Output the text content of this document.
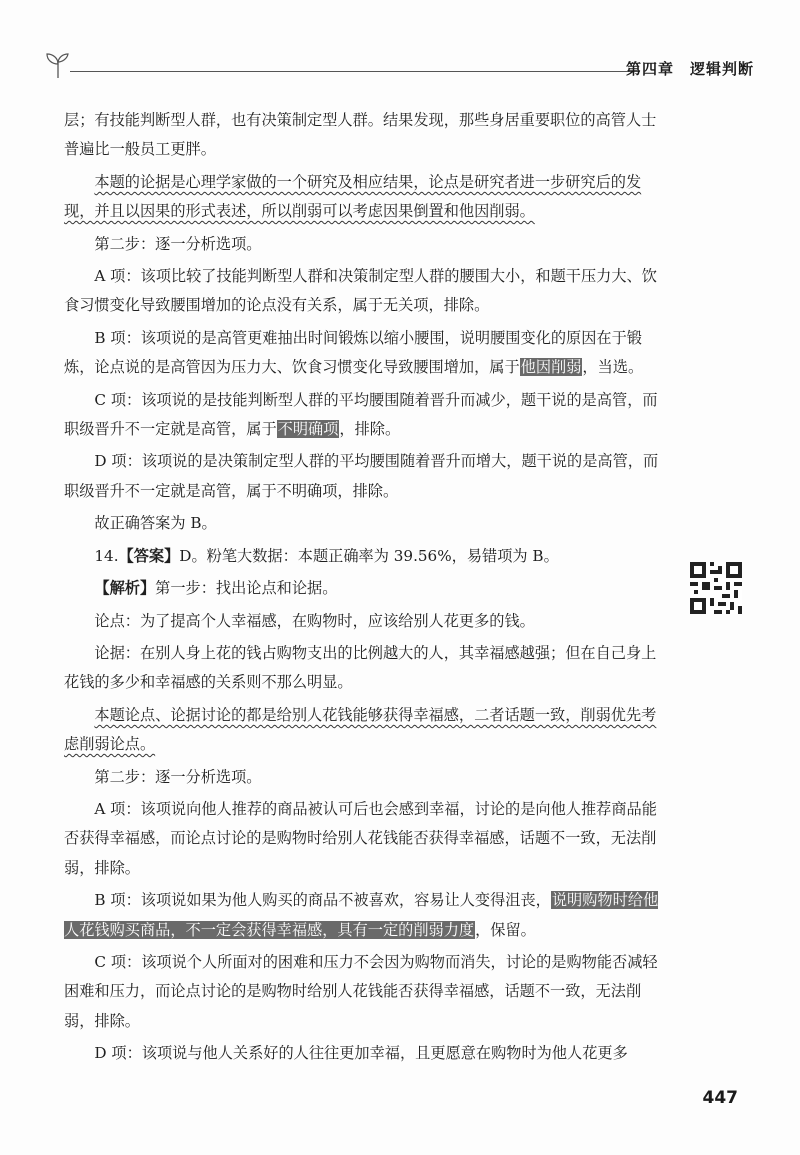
第四章 逻辑判断

层；有技能判断型人群，也有决策制定型人群。结果发现，那些身居重要职位的高管人士普遍比一般员工更胖。

本题的论据是心理学家做的一个研究及相应结果，论点是研究者进一步研究后的发现，并且以因果的形式表述，所以削弱可以考虑因果倒置和他因削弱。

第二步：逐一分析选项。

A 项：该项比较了技能判断型人群和决策制定型人群的腰围大小，和题干压力大、饮食习惯变化导致腰围增加的论点没有关系，属于无关项，排除。

B 项：该项说的是高管更难抽出时间锻炼以缩小腰围，说明腰围变化的原因在于锻炼，论点说的是高管因为压力大、饮食习惯变化导致腰围增加，属于他因削弱，当选。

C 项：该项说的是技能判断型人群的平均腰围随着晋升而减少，题干说的是高管，而职级晋升不一定就是高管，属于不明确项，排除。

D 项：该项说的是决策制定型人群的平均腰围随着晋升而增大，题干说的是高管，而职级晋升不一定就是高管，属于不明确项，排除。

故正确答案为 B。

14.【答案】D。粉笔大数据：本题正确率为 39.56%，易错项为 B。

【解析】第一步：找出论点和论据。

论点：为了提高个人幸福感，在购物时，应该给别人花更多的钱。

论据：在别人身上花的钱占购物支出的比例越大的人，其幸福感越强；但在自己身上花钱的多少和幸福感的关系则不那么明显。

本题论点、论据讨论的都是给别人花钱能够获得幸福感，二者话题一致，削弱优先考虑削弱论点。

第二步：逐一分析选项。

A 项：该项说向他人推荐的商品被认可后也会感到幸福，讨论的是向他人推荐商品能否获得幸福感，而论点讨论的是购物时给别人花钱能否获得幸福感，话题不一致，无法削弱，排除。

B 项：该项说如果为他人购买的商品不被喜欢，容易让人变得沮丧，说明购物时给他人花钱购买商品，不一定会获得幸福感，具有一定的削弱力度，保留。

C 项：该项说个人所面对的困难和压力不会因为购物而消失，讨论的是购物能否减轻困难和压力，而论点讨论的是购物时给别人花钱能否获得幸福感，话题不一致，无法削弱，排除。

D 项：该项说与他人关系好的人往往更加幸福，且更愿意在购物时为他人花更多

447
